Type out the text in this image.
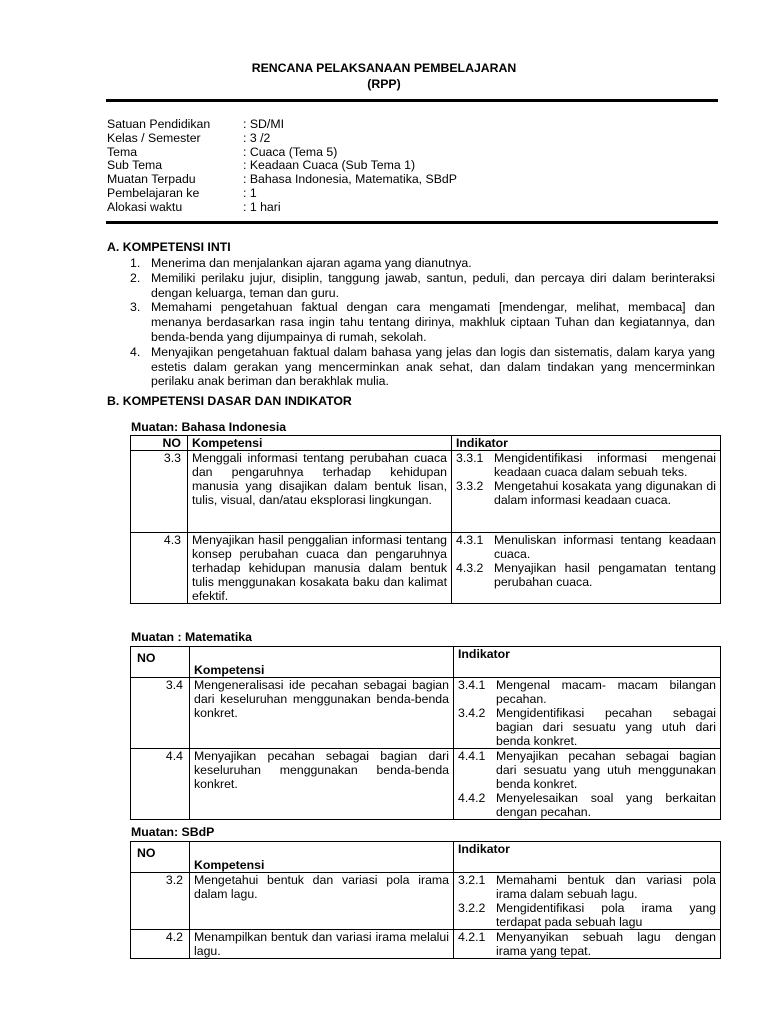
RENCANA PELAKSANAAN PEMBELAJARAN
(RPP)
Satuan Pendidikan	: SD/MI
Kelas / Semester	: 3 /2
Tema	: Cuaca (Tema 5)
Sub Tema	: Keadaan Cuaca (Sub Tema 1)
Muatan Terpadu	: Bahasa Indonesia, Matematika, SBdP
Pembelajaran ke	: 1
Alokasi waktu	: 1 hari
A. KOMPETENSI INTI
1. Menerima dan menjalankan ajaran agama yang dianutnya.
2. Memiliki perilaku jujur, disiplin, tanggung jawab, santun, peduli, dan percaya diri dalam berinteraksi dengan keluarga, teman dan guru.
3. Memahami pengetahuan faktual dengan cara mengamati [mendengar, melihat, membaca] dan menanya berdasarkan rasa ingin tahu tentang dirinya, makhluk ciptaan Tuhan dan kegiatannya, dan benda-benda yang dijumpainya di rumah, sekolah.
4. Menyajikan pengetahuan faktual dalam bahasa yang jelas dan logis dan sistematis, dalam karya yang estetis dalam gerakan yang mencerminkan anak sehat, dan dalam tindakan yang mencerminkan perilaku anak beriman dan berakhlak mulia.
B. KOMPETENSI DASAR DAN INDIKATOR
Muatan: Bahasa Indonesia
NO	Kompetensi	Indikator
3.3	Menggali informasi tentang perubahan cuaca dan pengaruhnya terhadap kehidupan manusia yang disajikan dalam bentuk lisan, tulis, visual, dan/atau eksplorasi lingkungan.	3.3.1 Mengidentifikasi informasi mengenai keadaan cuaca dalam sebuah teks.
3.3.2 Mengetahui kosakata yang digunakan di dalam informasi keadaan cuaca.

4.3	Menyajikan hasil penggalian informasi tentang konsep perubahan cuaca dan pengaruhnya terhadap kehidupan manusia dalam bentuk tulis menggunakan kosakata baku dan kalimat efektif.	4.3.1 Menuliskan informasi tentang keadaan cuaca.
4.3.2 Menyajikan hasil pengamatan tentang perubahan cuaca.
Muatan : Matematika
NO	Kompetensi	Indikator
3.4	Mengeneralisasi ide pecahan sebagai bagian dari keseluruhan menggunakan benda-benda konkret.	3.4.1 Mengenal macam- macam bilangan pecahan.
3.4.2 Mengidentifikasi pecahan sebagai bagian dari sesuatu yang utuh dari benda konkret.

4.4	Menyajikan pecahan sebagai bagian dari keseluruhan menggunakan benda-benda konkret.	4.4.1 Menyajikan pecahan sebagai bagian dari sesuatu yang utuh menggunakan benda konkret.
4.4.2 Menyelesaikan soal yang berkaitan dengan pecahan.
Muatan: SBdP
NO	Kompetensi	Indikator
3.2	Mengetahui bentuk dan variasi pola irama dalam lagu.	3.2.1 Memahami bentuk dan variasi pola irama dalam sebuah lagu.
3.2.2 Mengidentifikasi pola irama yang terdapat pada sebuah lagu

4.2	Menampilkan bentuk dan variasi irama melalui lagu.	4.2.1 Menyanyikan sebuah lagu dengan irama yang tepat.
